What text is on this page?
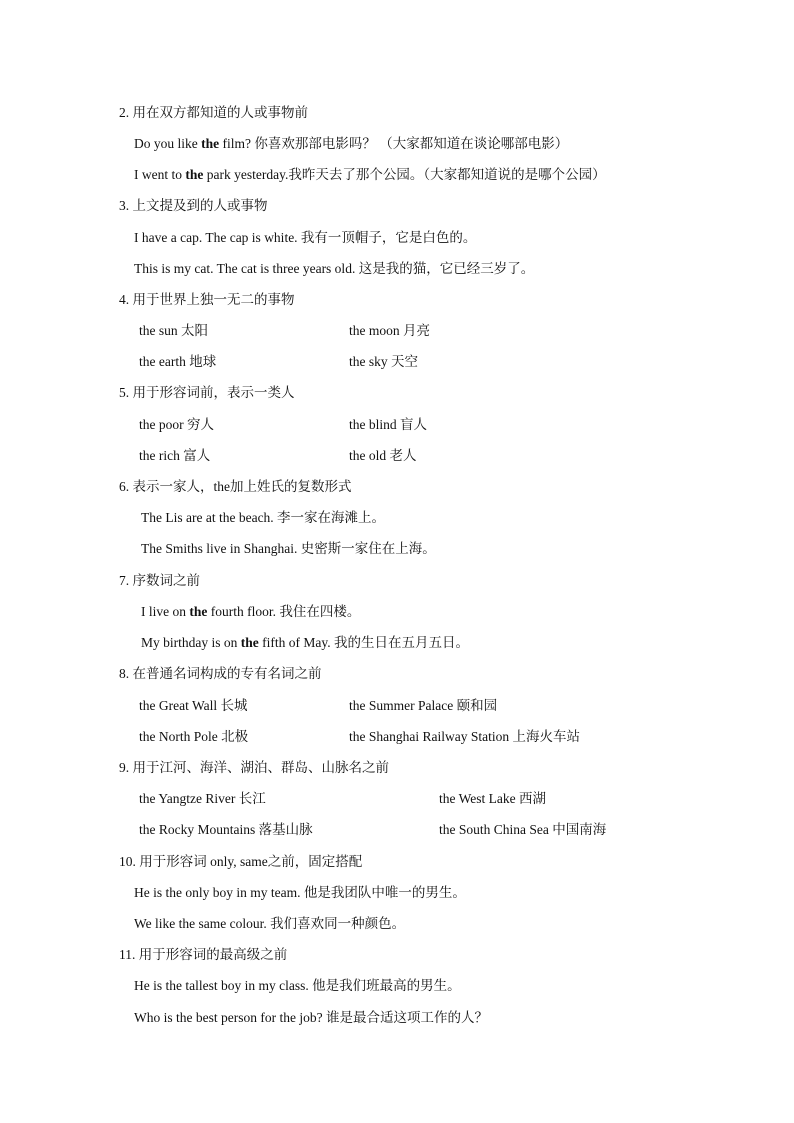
2. 用在双方都知道的人或事物前
Do you like the film? 你喜欢那部电影吗？ （大家都知道在谈论哪部电影）
I went to the park yesterday.我昨天去了那个公园。（大家都知道说的是哪个公园）
3. 上文提及到的人或事物
I have a cap. The cap is white. 我有一顶帽子，它是白色的。
This is my cat. The cat is three years old. 这是我的猫，它已经三岁了。
4. 用于世界上独一无二的事物
the sun 太阳	the moon 月亮
the earth 地球	the sky 天空
5. 用于形容词前，表示一类人
the poor 穷人	the blind 盲人
the rich 富人	the old 老人
6. 表示一家人，the加上姓氏的复数形式
The Lis are at the beach. 李一家在海滩上。
The Smiths live in Shanghai. 史密斯一家住在上海。
7. 序数词之前
I live on the fourth floor. 我住在四楼。
My birthday is on the fifth of May. 我的生日在五月五日。
8. 在普通名词构成的专有名词之前
the Great Wall 长城	the Summer Palace 颐和园
the North Pole 北极	the Shanghai Railway Station 上海火车站
9. 用于江河、海洋、湖泊、群岛、山脉名之前
the Yangtze River 长江	the West Lake 西湖
the Rocky Mountains 落基山脉	the South China Sea 中国南海
10. 用于形容词 only, same之前，固定搭配
He is the only boy in my team. 他是我团队中唯一的男生。
We like the same colour. 我们喜欢同一种颜色。
11. 用于形容词的最高级之前
He is the tallest boy in my class. 他是我们班最高的男生。
Who is the best person for the job? 谁是最合适这项工作的人？
